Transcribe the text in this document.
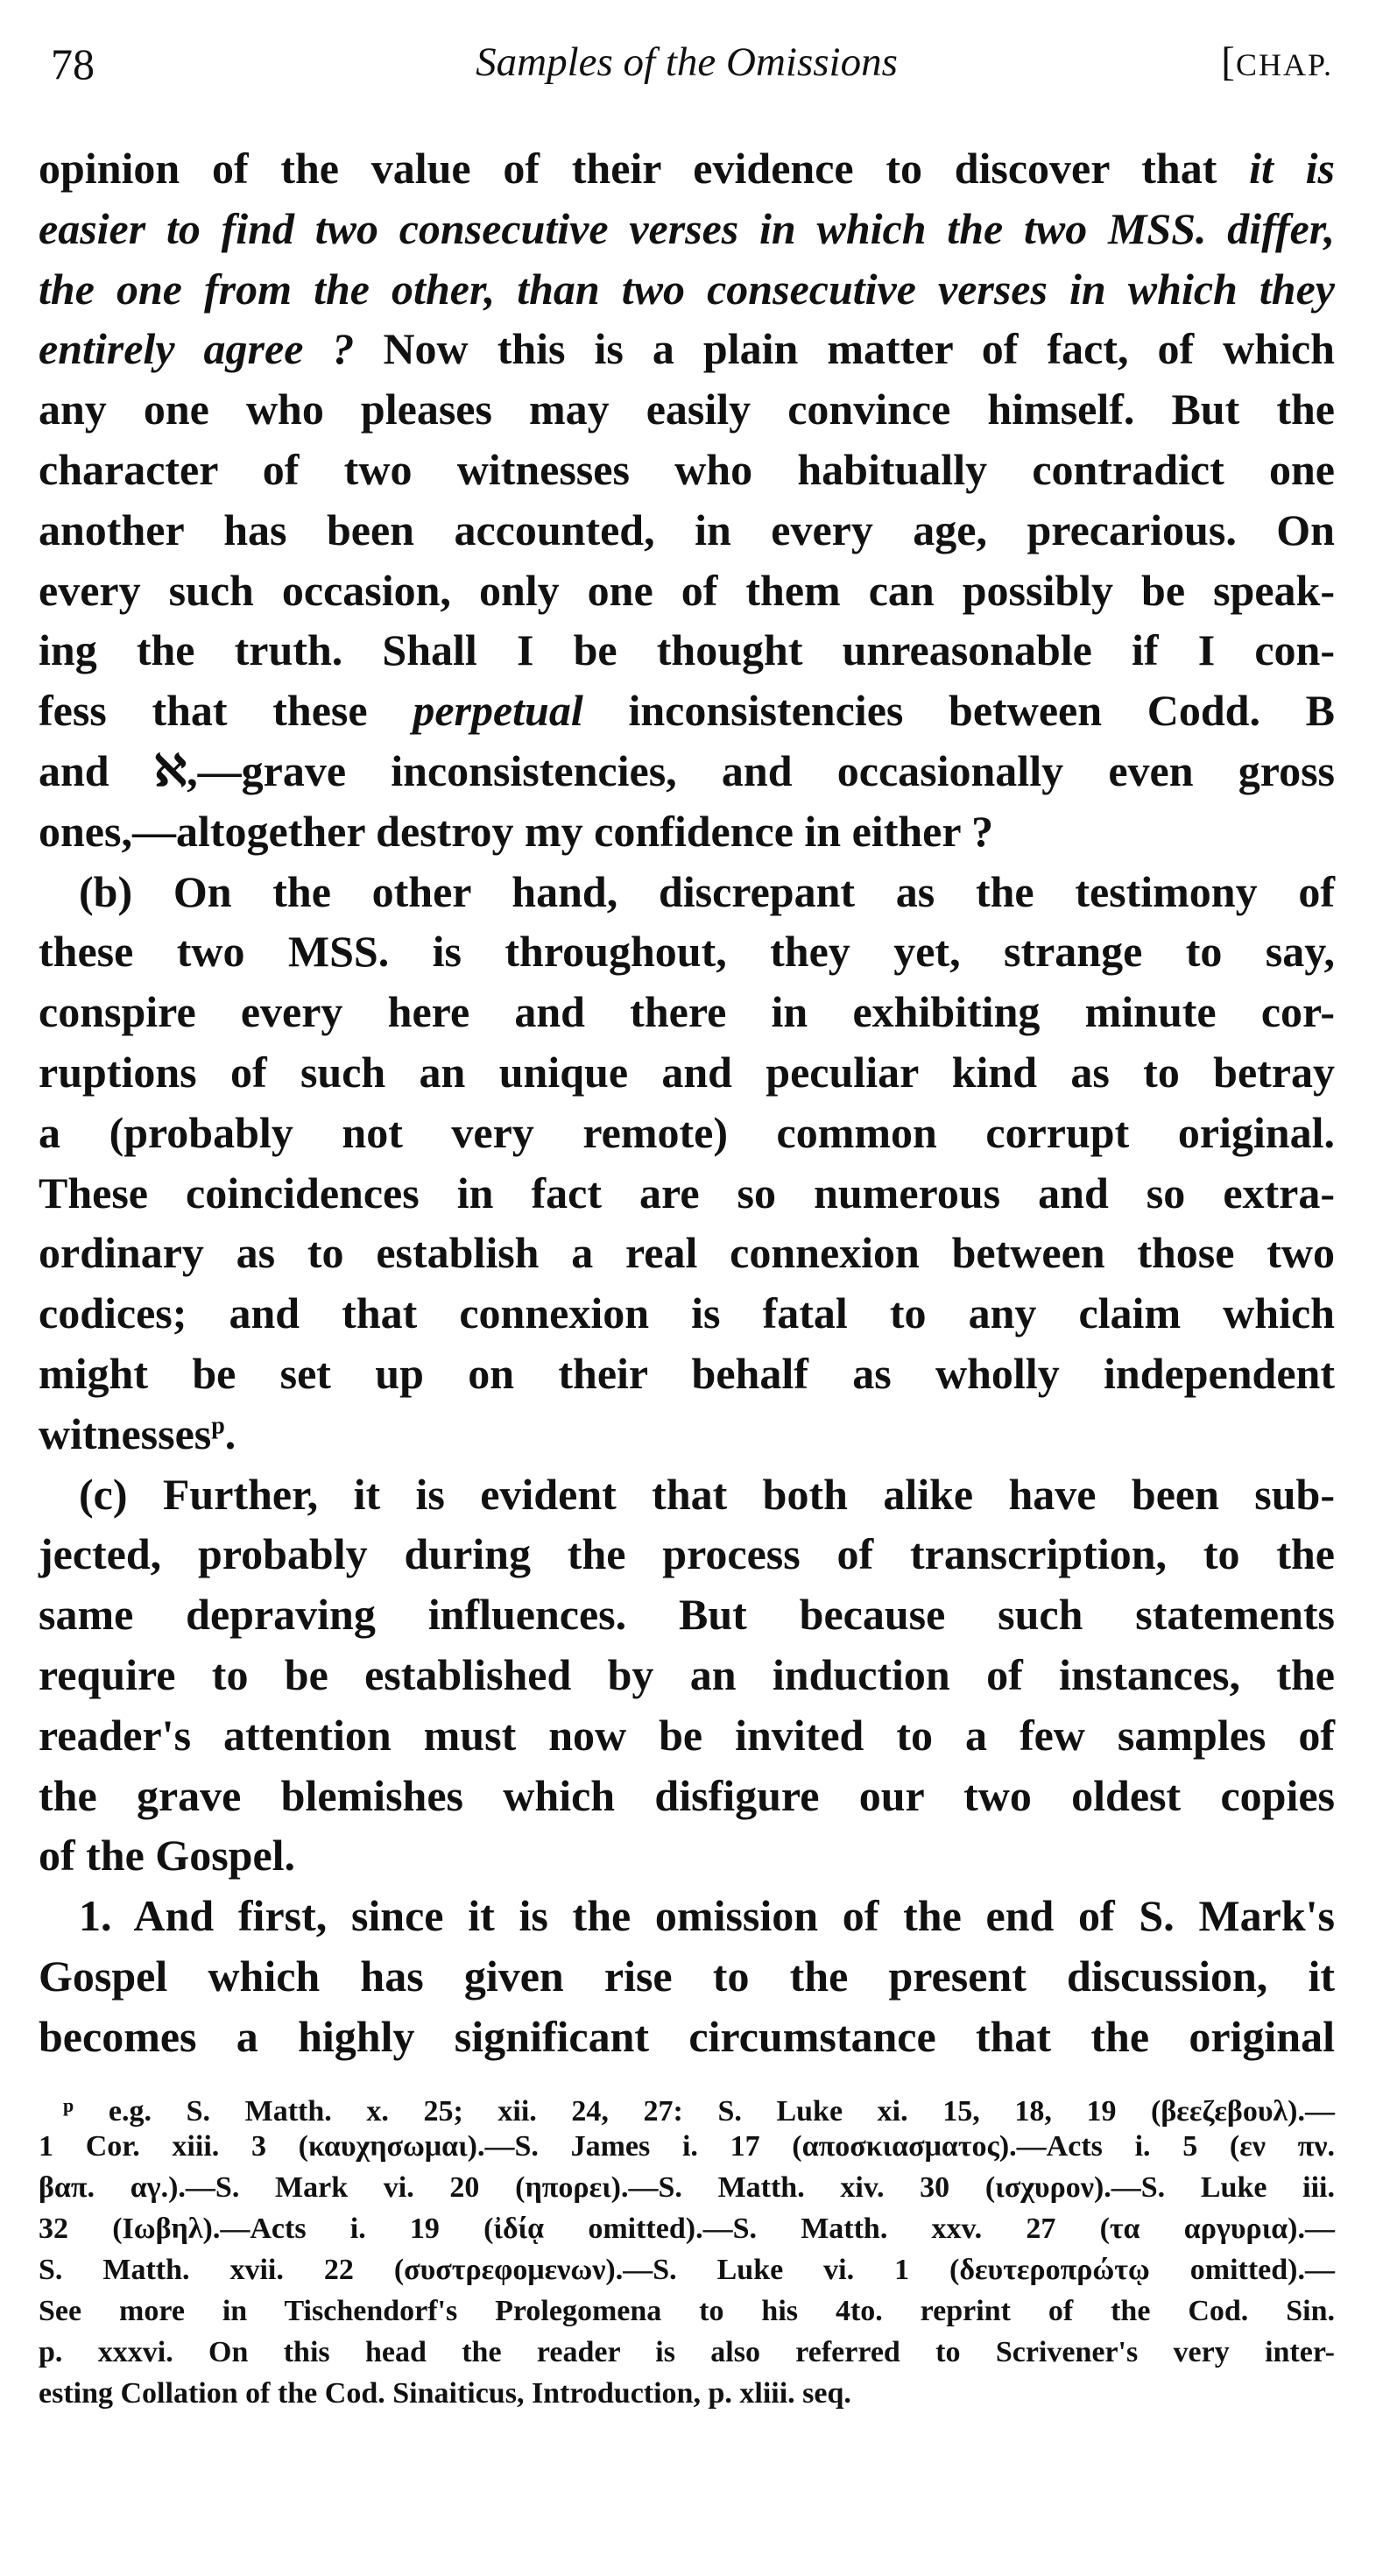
78	Samples of the Omissions	[CHAP.
opinion of the value of their evidence to discover that it is
easier to find two consecutive verses in which the two MSS. differ,
the one from the other, than two consecutive verses in which they
entirely agree ? Now this is a plain matter of fact, of which
any one who pleases may easily convince himself. But the
character of two witnesses who habitually contradict one
another has been accounted, in every age, precarious. On
every such occasion, only one of them can possibly be speak-
ing the truth. Shall I be thought unreasonable if I con-
fess that these perpetual inconsistencies between Codd. B
and ℵ,—grave inconsistencies, and occasionally even gross
ones,—altogether destroy my confidence in either ?
(b) On the other hand, discrepant as the testimony of
these two MSS. is throughout, they yet, strange to say,
conspire every here and there in exhibiting minute cor-
ruptions of such an unique and peculiar kind as to betray
a (probably not very remote) common corrupt original.
These coincidences in fact are so numerous and so extra-
ordinary as to establish a real connexion between those two
codices; and that connexion is fatal to any claim which
might be set up on their behalf as wholly independent
witnesses$^p$.
(c) Further, it is evident that both alike have been sub-
jected, probably during the process of transcription, to the
same depraving influences. But because such statements
require to be established by an induction of instances, the
reader's attention must now be invited to a few samples of
the grave blemishes which disfigure our two oldest copies
of the Gospel.
1. And first, since it is the omission of the end of S. Mark's
Gospel which has given rise to the present discussion, it
becomes a highly significant circumstance that the original
$^p$ e.g. S. Matth. x. 25; xii. 24, 27: S. Luke xi. 15, 18, 19 (βεεζεβουλ).—
1 Cor. xiii. 3 (καυχησωμαι).—S. James i. 17 (αποσκιασματος).—Acts i. 5 (εν πν.
βαπ. αγ.).—S. Mark vi. 20 (ηπορει).—S. Matth. xiv. 30 (ισχυρον).—S. Luke iii.
32 (Ιωβηλ).—Acts i. 19 (ἰδίᾳ omitted).—S. Matth. xxv. 27 (τα αργυρια).—
S. Matth. xvii. 22 (συστρεφομενων).—S. Luke vi. 1 (δευτεροπρώτῳ omitted).—
See more in Tischendorf's Prolegomena to his 4to. reprint of the Cod. Sin.
p. xxxvi. On this head the reader is also referred to Scrivener's very inter-
esting Collation of the Cod. Sinaiticus, Introduction, p. xliii. seq.
